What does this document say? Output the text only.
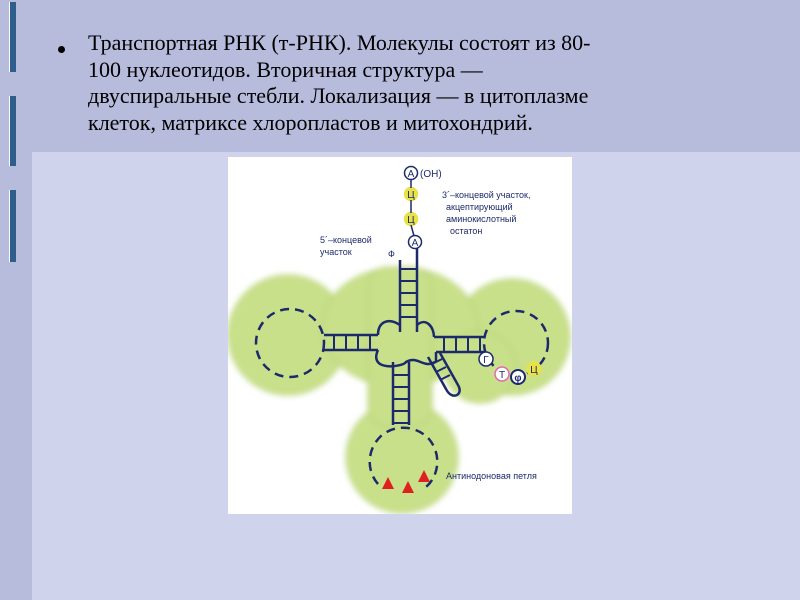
Транспортная РНК (т-РНК). Молекулы состоят из 80-
100 нуклеотидов. Вторичная структура —
двуспиральные стебли. Локализация — в цитоплазме
клеток, матриксе хлоропластов и митохондрий.
А
Ц
Ц
А
(OH)
Г
Т φ
Ц
3´–концевой участок,
акцептирующий
аминокислотный
остатон
5´–концевой
участок	Ф
Антинодоновая петля
